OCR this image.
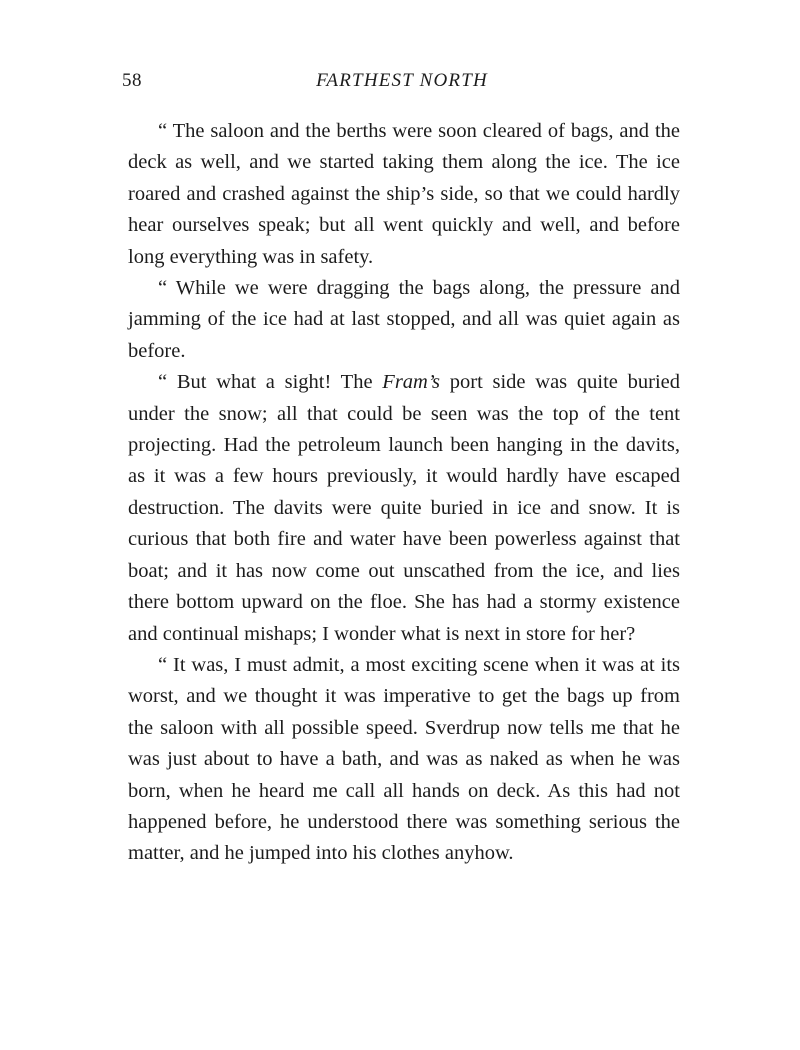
58	FARTHEST NORTH

“ The saloon and the berths were soon cleared of bags, and the deck as well, and we started taking them along the ice. The ice roared and crashed against the ship’s side, so that we could hardly hear ourselves speak; but all went quickly and well, and before long everything was in safety.

“ While we were dragging the bags along, the pressure and jamming of the ice had at last stopped, and all was quiet again as before.

“ But what a sight! The Fram’s port side was quite buried under the snow; all that could be seen was the top of the tent projecting. Had the petroleum launch been hanging in the davits, as it was a few hours previously, it would hardly have escaped destruction. The davits were quite buried in ice and snow. It is curious that both fire and water have been powerless against that boat; and it has now come out unscathed from the ice, and lies there bottom upward on the floe. She has had a stormy existence and continual mishaps; I wonder what is next in store for her?

“ It was, I must admit, a most exciting scene when it was at its worst, and we thought it was imperative to get the bags up from the saloon with all possible speed. Sverdrup now tells me that he was just about to have a bath, and was as naked as when he was born, when he heard me call all hands on deck. As this had not happened before, he understood there was something serious the matter, and he jumped into his clothes anyhow.
